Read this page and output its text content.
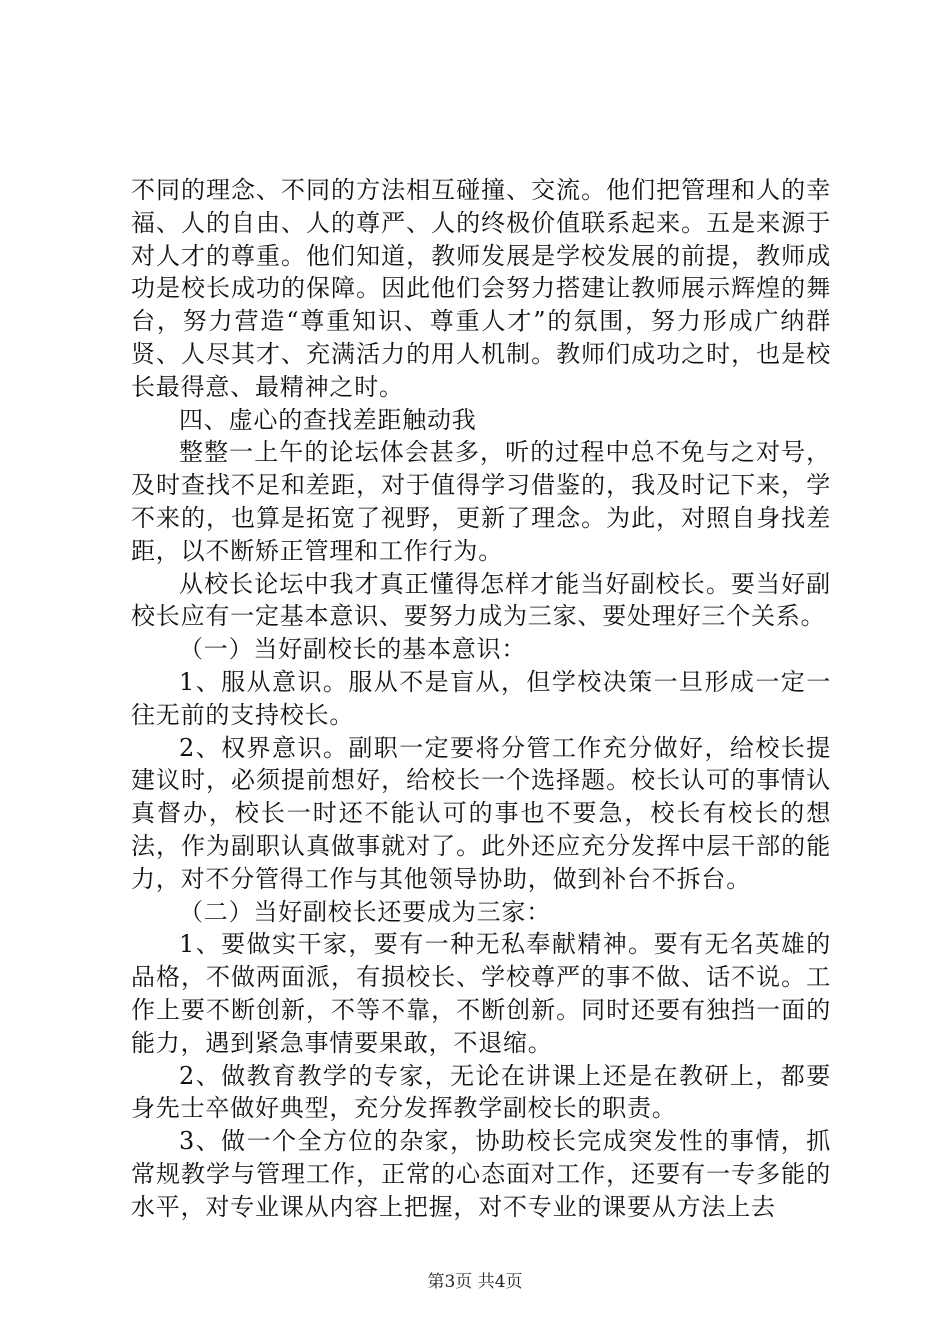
不同的理念、不同的方法相互碰撞、交流。他们把管理和人的幸福、人的自由、人的尊严、人的终极价值联系起来。五是来源于对人才的尊重。他们知道，教师发展是学校发展的前提，教师成功是校长成功的保障。因此他们会努力搭建让教师展示辉煌的舞台，努力营造“尊重知识、尊重人才”的氛围，努力形成广纳群贤、人尽其才、充满活力的用人机制。教师们成功之时，也是校长最得意、最精神之时。

四、虚心的查找差距触动我

整整一上午的论坛体会甚多，听的过程中总不免与之对号，及时查找不足和差距，对于值得学习借鉴的，我及时记下来，学不来的，也算是拓宽了视野，更新了理念。为此，对照自身找差距，以不断矫正管理和工作行为。

从校长论坛中我才真正懂得怎样才能当好副校长。要当好副校长应有一定基本意识、要努力成为三家、要处理好三个关系。

（一）当好副校长的基本意识：

1、服从意识。服从不是盲从，但学校决策一旦形成一定一往无前的支持校长。

2、权界意识。副职一定要将分管工作充分做好，给校长提建议时，必须提前想好，给校长一个选择题。校长认可的事情认真督办，校长一时还不能认可的事也不要急，校长有校长的想法，作为副职认真做事就对了。此外还应充分发挥中层干部的能力，对不分管得工作与其他领导协助，做到补台不拆台。

（二）当好副校长还要成为三家：

1、要做实干家，要有一种无私奉献精神。要有无名英雄的品格，不做两面派，有损校长、学校尊严的事不做、话不说。工作上要不断创新，不等不靠，不断创新。同时还要有独挡一面的能力，遇到紧急事情要果敢，不退缩。

2、做教育教学的专家，无论在讲课上还是在教研上，都要身先士卒做好典型，充分发挥教学副校长的职责。

3、做一个全方位的杂家，协助校长完成突发性的事情，抓常规教学与管理工作，正常的心态面对工作，还要有一专多能的水平，对专业课从内容上把握，对不专业的课要从方法上去

第3页 共4页
